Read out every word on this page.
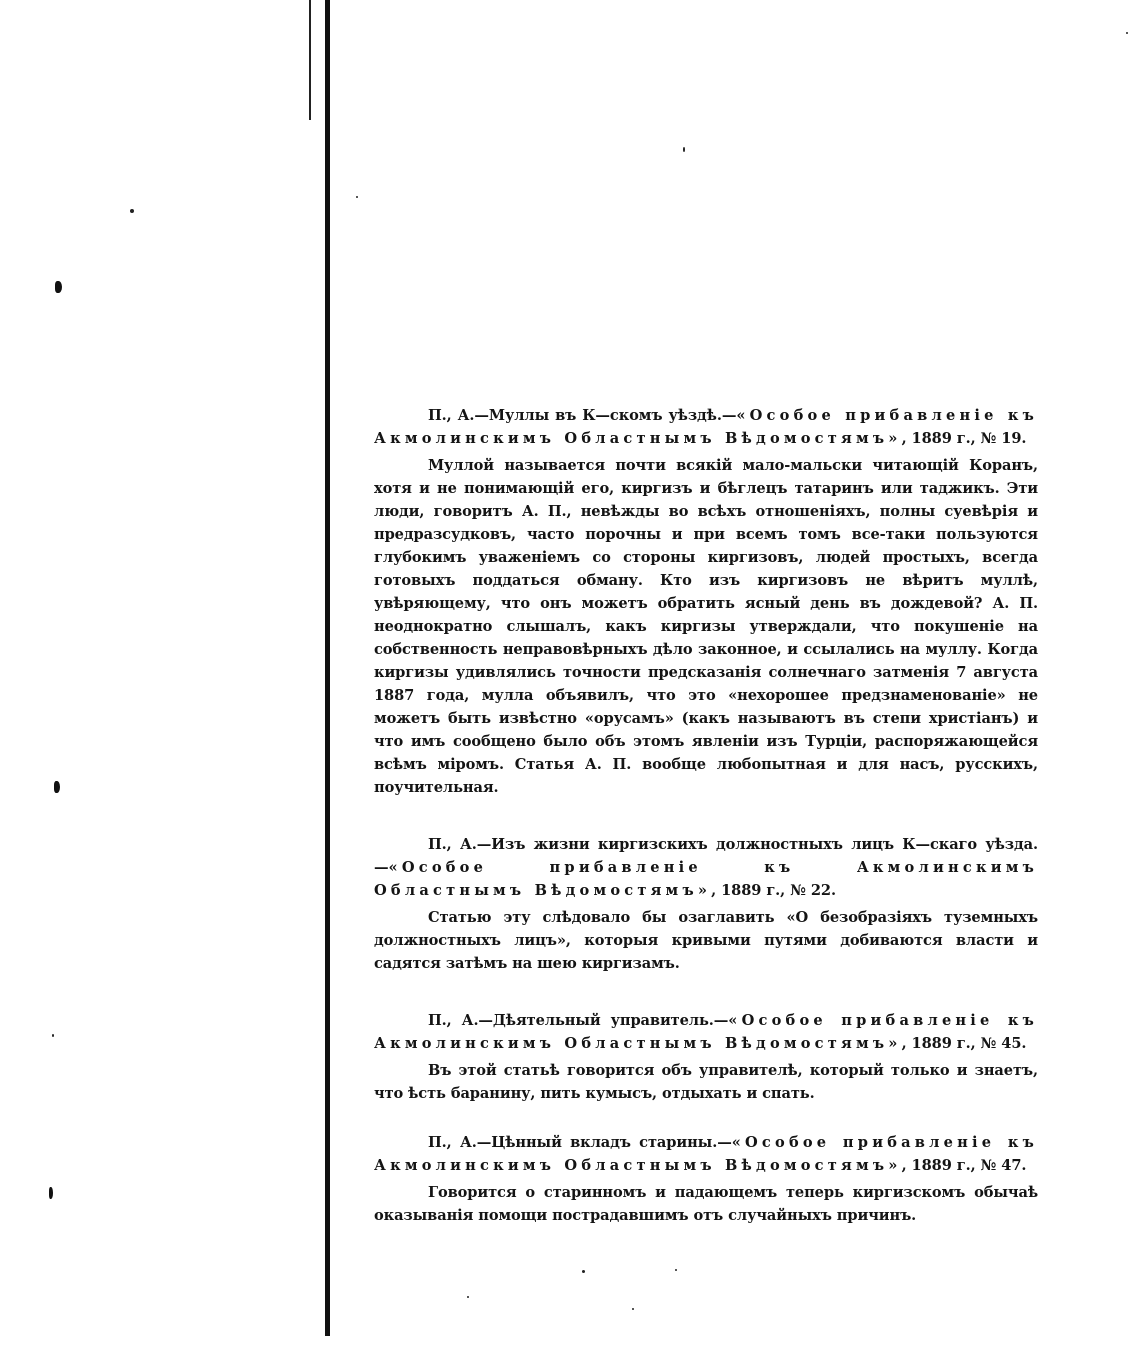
П., А.—Муллы въ К—скомъ уѣздѣ.—«Особое прибавленіе къ Акмолинскимъ Областнымъ Вѣдомостямъ», 1889 г., № 19.

Муллой называется почти всякій мало-мальски читающій Коранъ, хотя и не понимающій его, киргизъ и бѣглецъ татаринъ или таджикъ. Эти люди, говоритъ А. П., невѣжды во всѣхъ отношеніяхъ, полны суевѣрія и предразсудковъ, часто порочны и при всемъ томъ все-таки пользуются глубокимъ уваженіемъ со стороны киргизовъ, людей простыхъ, всегда готовыхъ поддаться обману. Кто изъ киргизовъ не вѣритъ муллѣ, увѣряющему, что онъ можетъ обратить ясный день въ дождевой? А. П. неоднократно слышалъ, какъ киргизы утверждали, что покушеніе на собственность неправовѣрныхъ дѣло законное, и ссылались на муллу. Когда киргизы удивлялись точности предсказанія солнечнаго затменія 7 августа 1887 года, мулла объявилъ, что это «нехорошее предзнаменованіе» не можетъ быть извѣстно «орусамъ» (какъ называютъ въ степи христіанъ) и что имъ сообщено было объ этомъ явленіи изъ Турціи, распоряжающейся всѣмъ міромъ. Статья А. П. вообще любопытная и для насъ, русскихъ, поучительная.

П., А.—Изъ жизни киргизскихъ должностныхъ лицъ К—скаго уѣзда.—«Особое прибавленіе къ Акмолинскимъ Областнымъ Вѣдомостямъ», 1889 г., № 22.

Статью эту слѣдовало бы озаглавить «О безобразіяхъ туземныхъ должностныхъ лицъ», которыя кривыми путями добиваются власти и садятся затѣмъ на шею киргизамъ.

П., А.—Дѣятельный управитель.—«Особое прибавленіе къ Акмолинскимъ Областнымъ Вѣдомостямъ», 1889 г., № 45.

Въ этой статьѣ говорится объ управителѣ, который только и знаетъ, что ѣсть баранину, пить кумысъ, отдыхать и спать.

П., А.—Цѣнный вкладъ старины.—«Особое прибавленіе къ Акмолинскимъ Областнымъ Вѣдомостямъ», 1889 г., № 47.

Говорится о старинномъ и падающемъ теперь киргизскомъ обычаѣ оказыванія помощи пострадавшимъ отъ случайныхъ причинъ.
